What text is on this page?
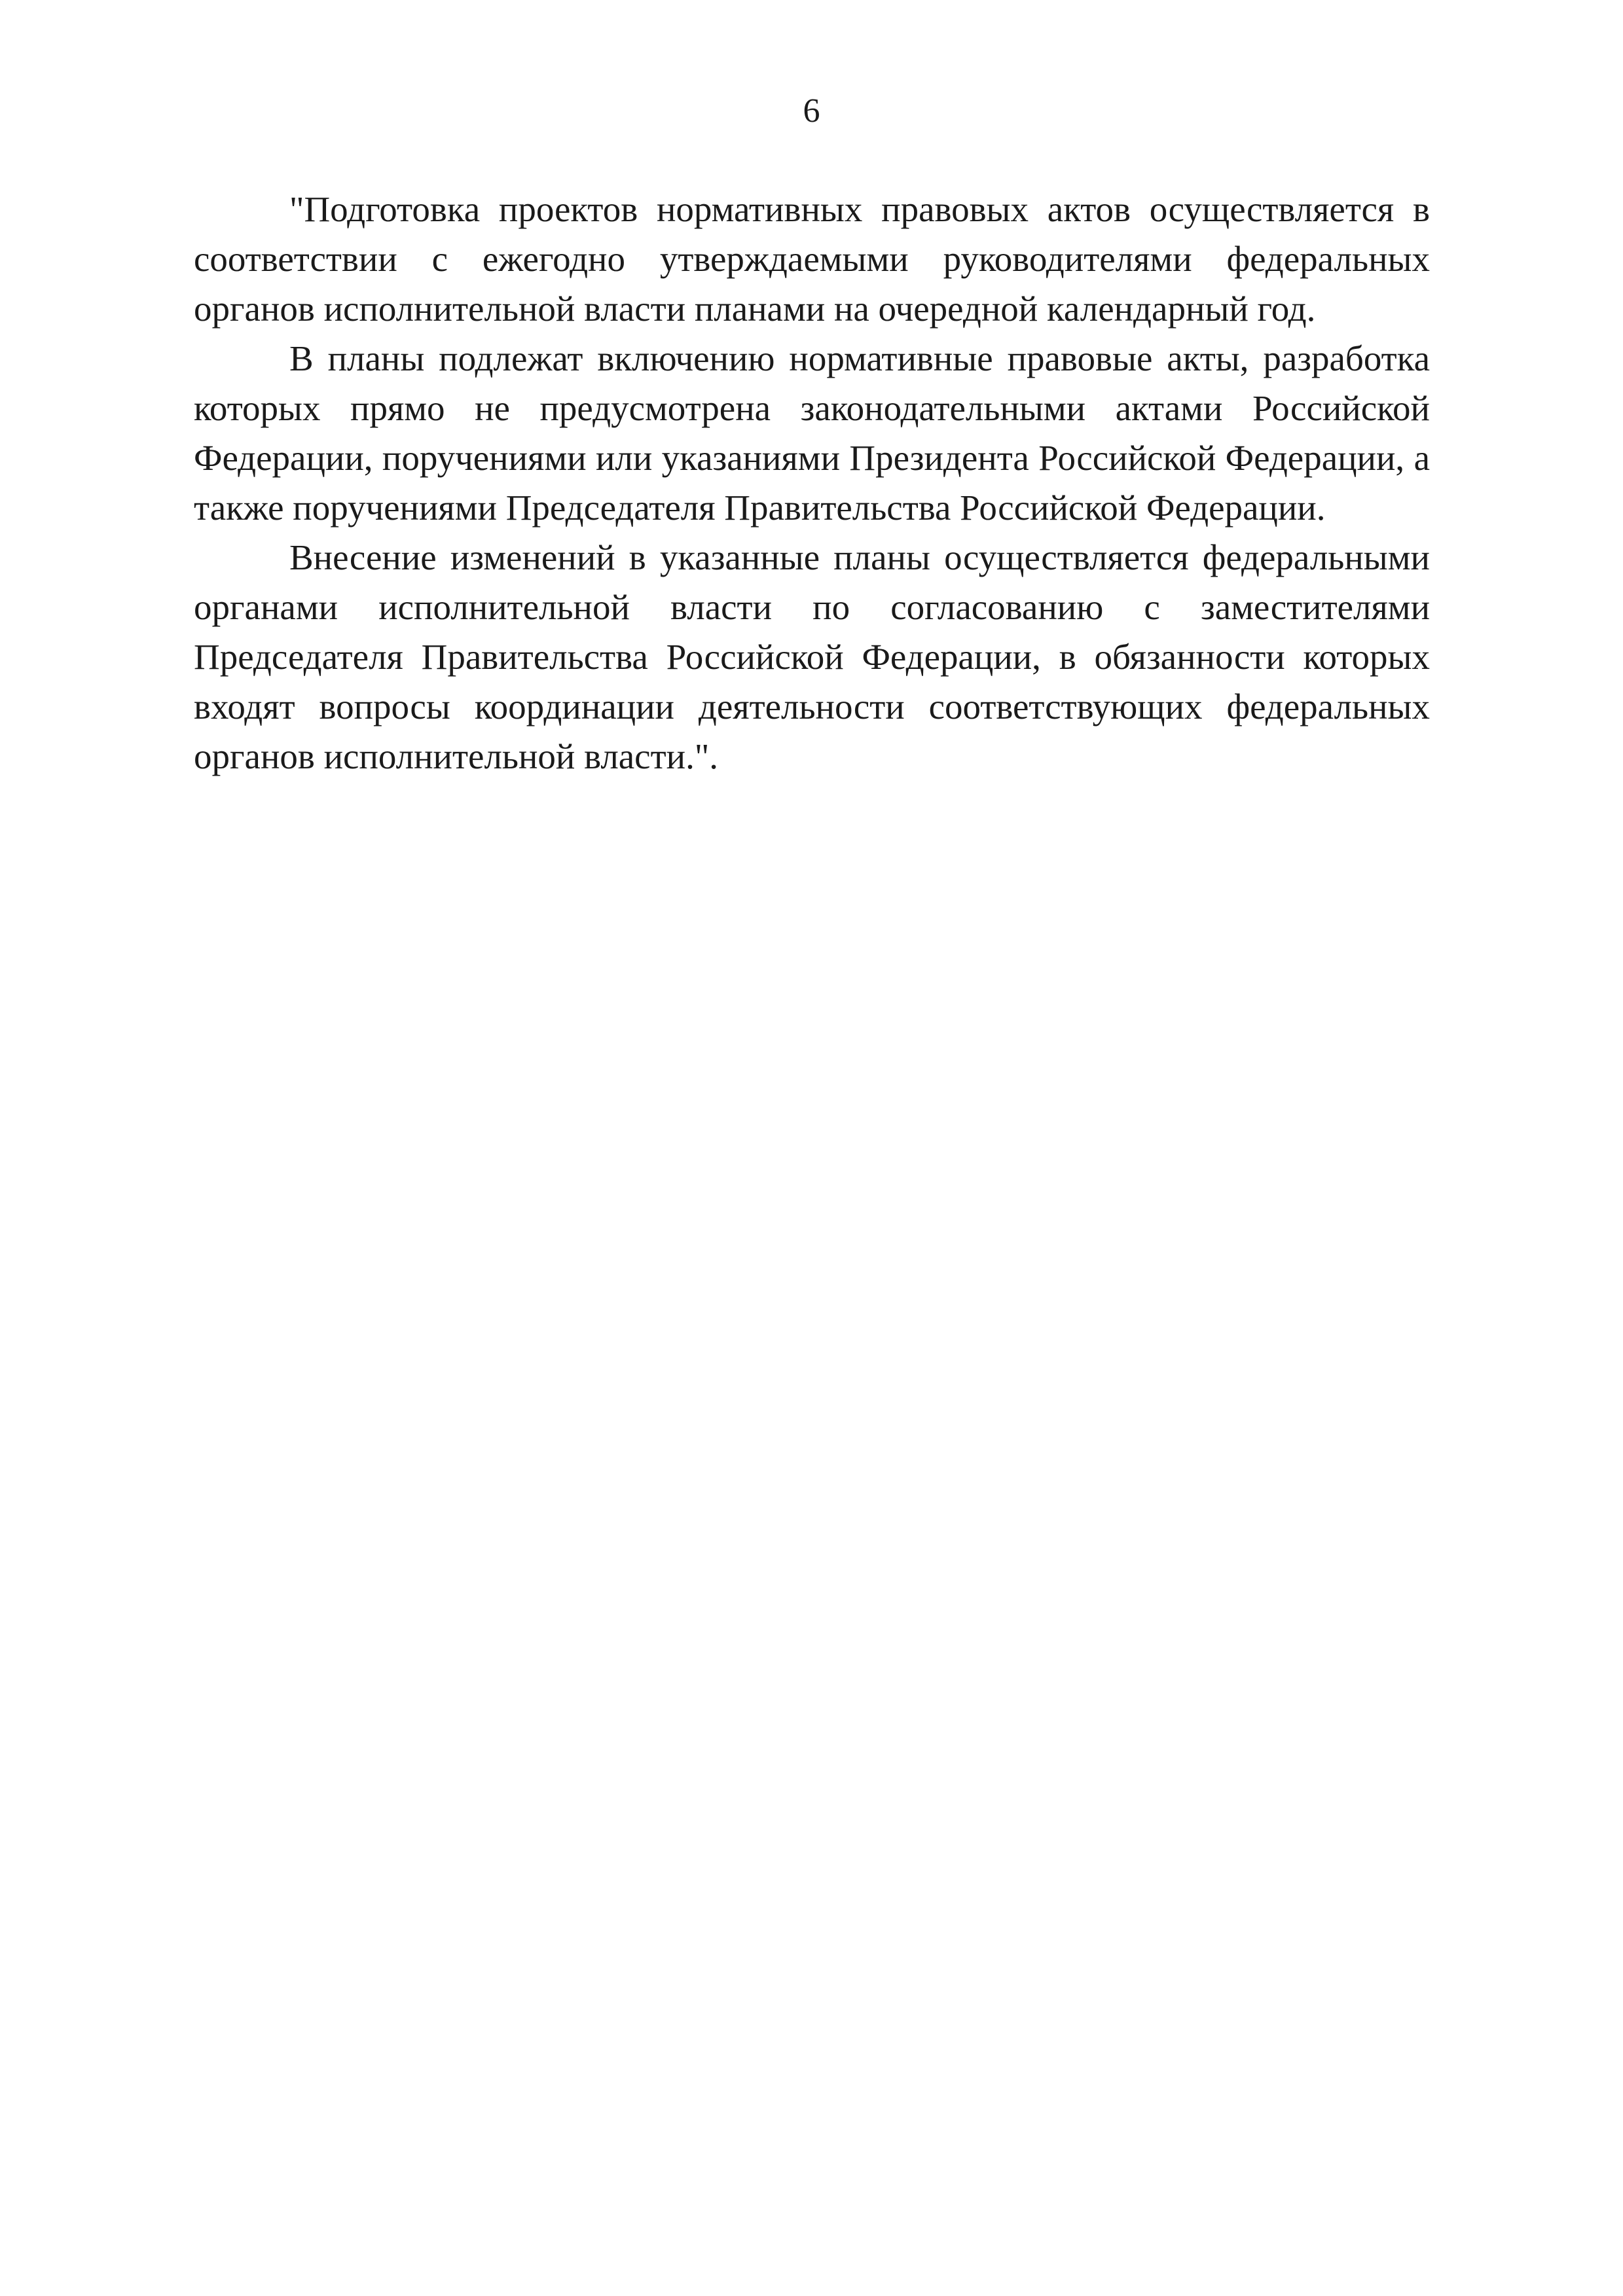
6

"Подготовка проектов нормативных правовых актов осуществляется в соответствии с ежегодно утверждаемыми руководителями федеральных органов исполнительной власти планами на очередной календарный год.

В планы подлежат включению нормативные правовые акты, разработка которых прямо не предусмотрена законодательными актами Российской Федерации, поручениями или указаниями Президента Российской Федерации, а также поручениями Председателя Правительства Российской Федерации.

Внесение изменений в указанные планы осуществляется федеральными органами исполнительной власти по согласованию с заместителями Председателя Правительства Российской Федерации, в обязанности которых входят вопросы координации деятельности соответствующих федеральных органов исполнительной власти.".
